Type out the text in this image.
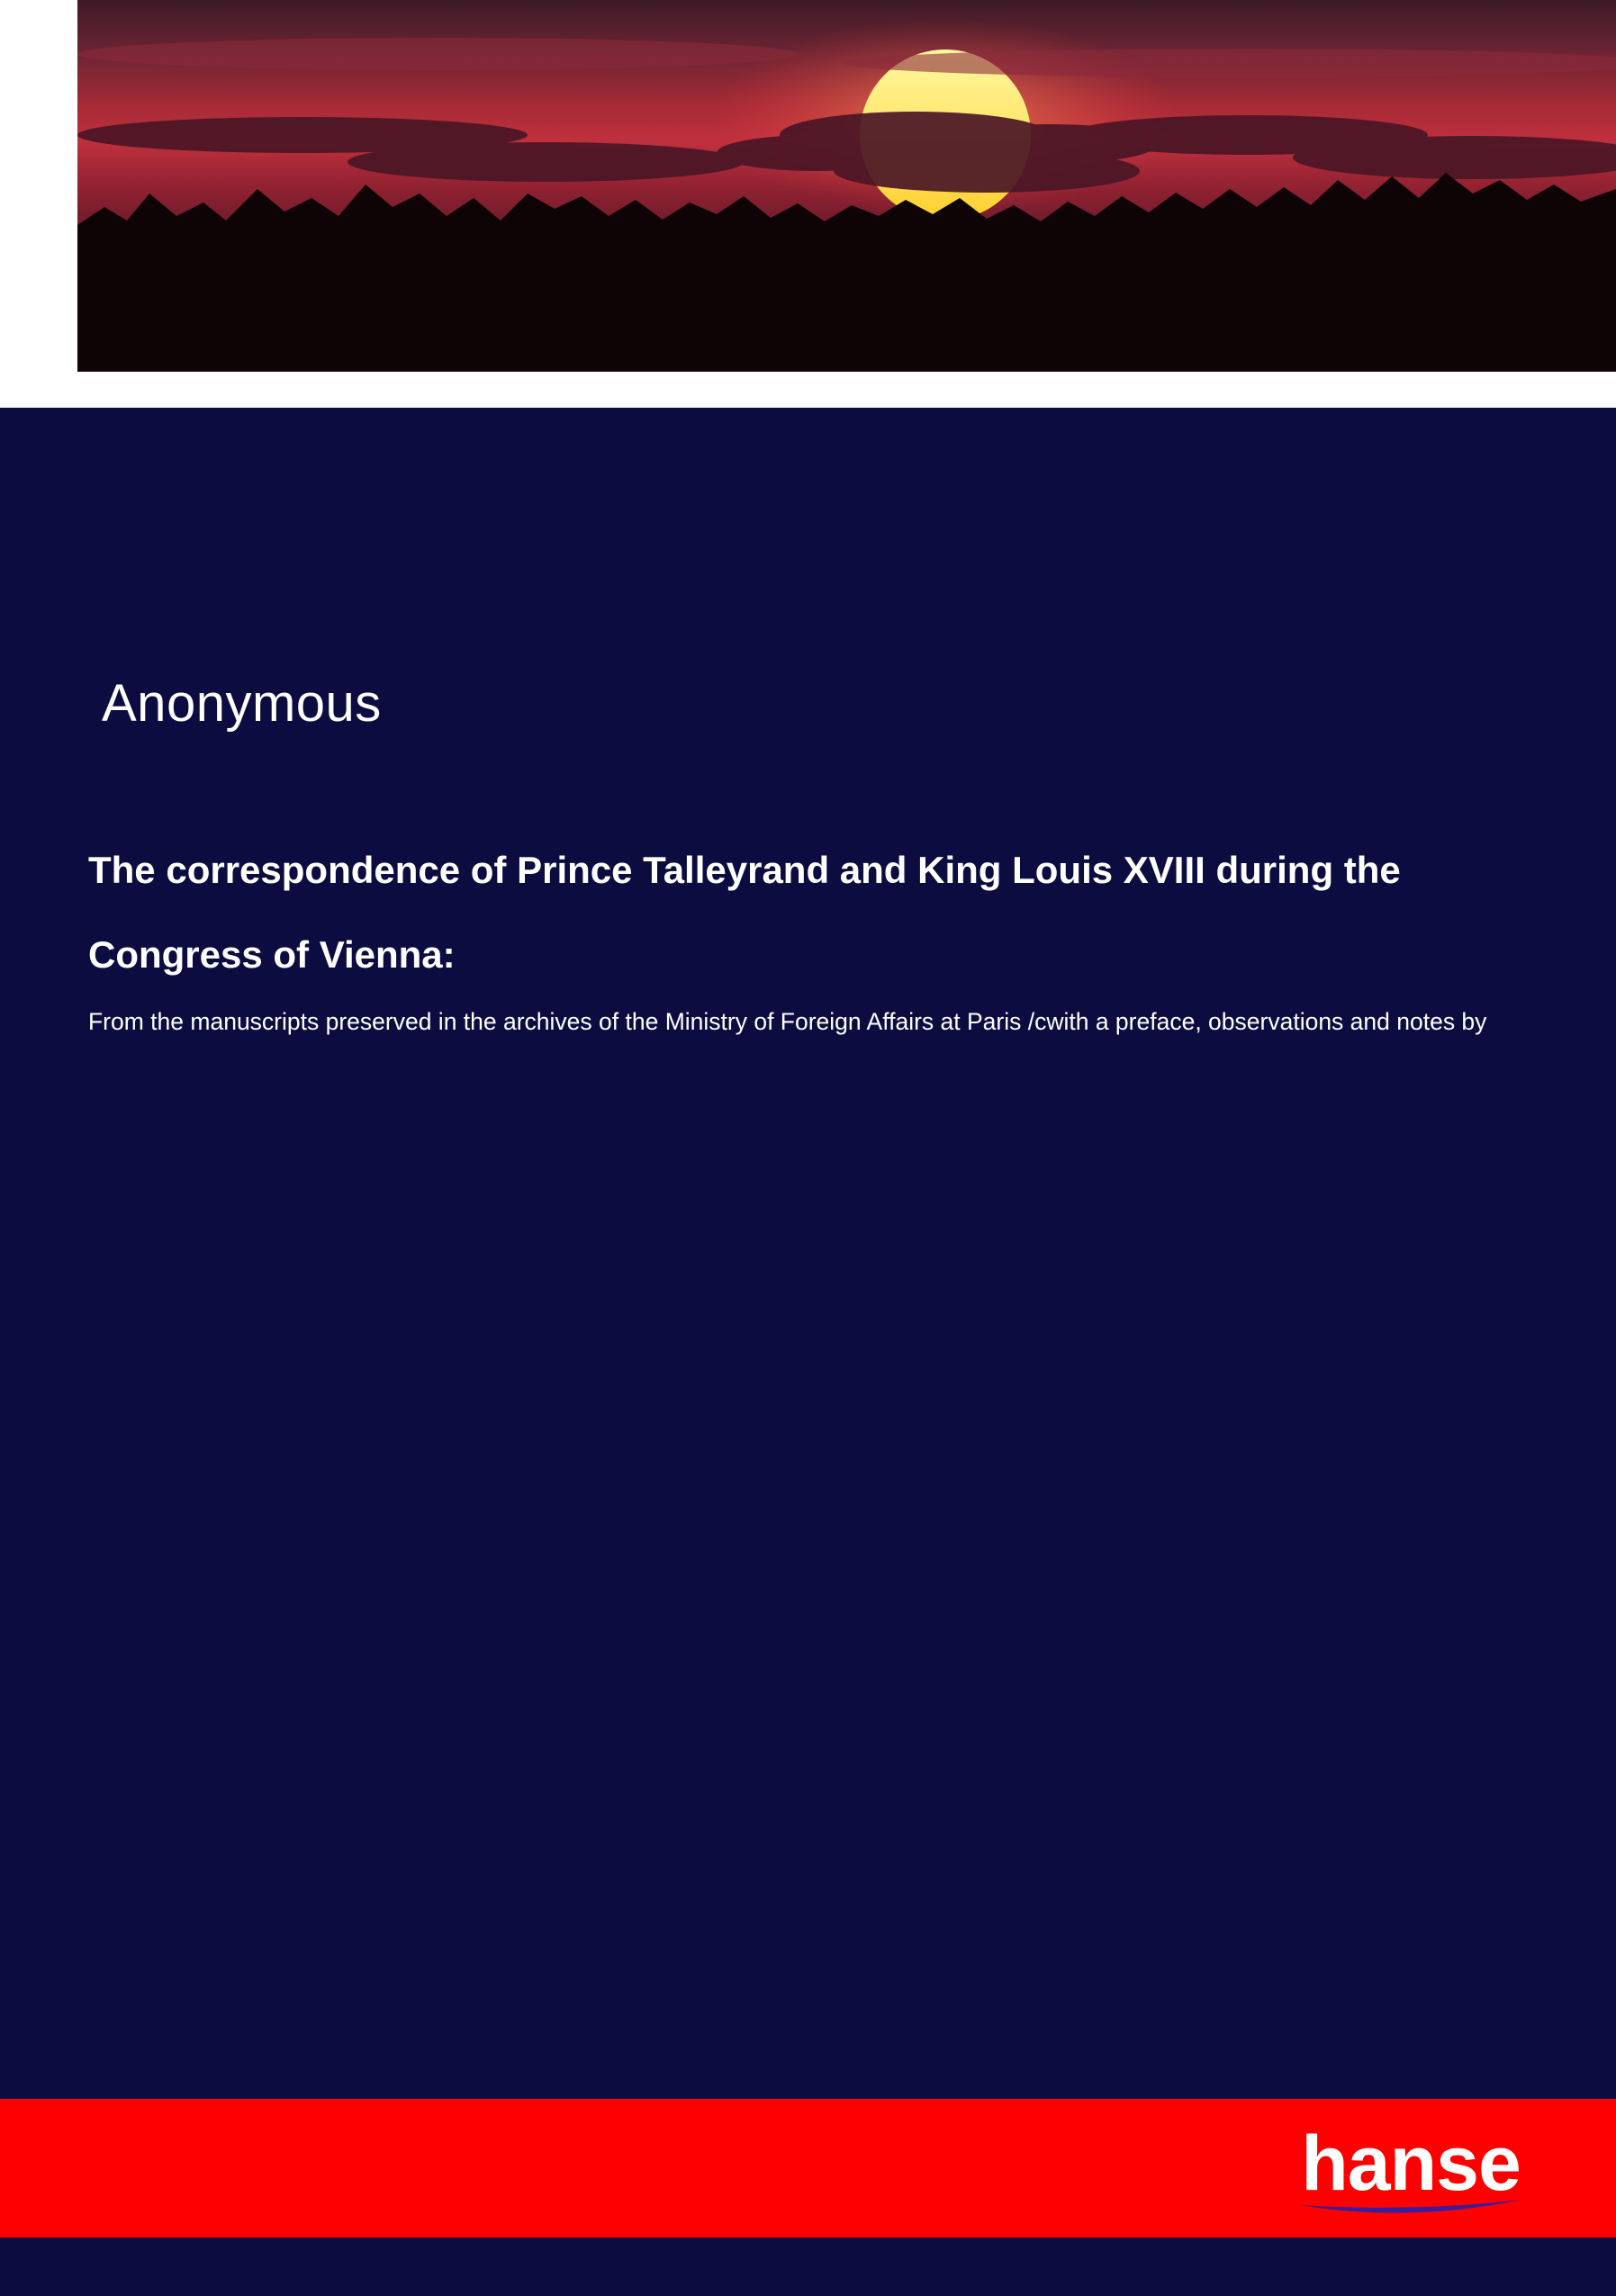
Anonymous
The correspondence of Prince Talleyrand and King Louis XVIII during the Congress of Vienna:
From the manuscripts preserved in the archives of the Ministry of Foreign Affairs at Paris /cwith a preface, observations and notes by
hanse
